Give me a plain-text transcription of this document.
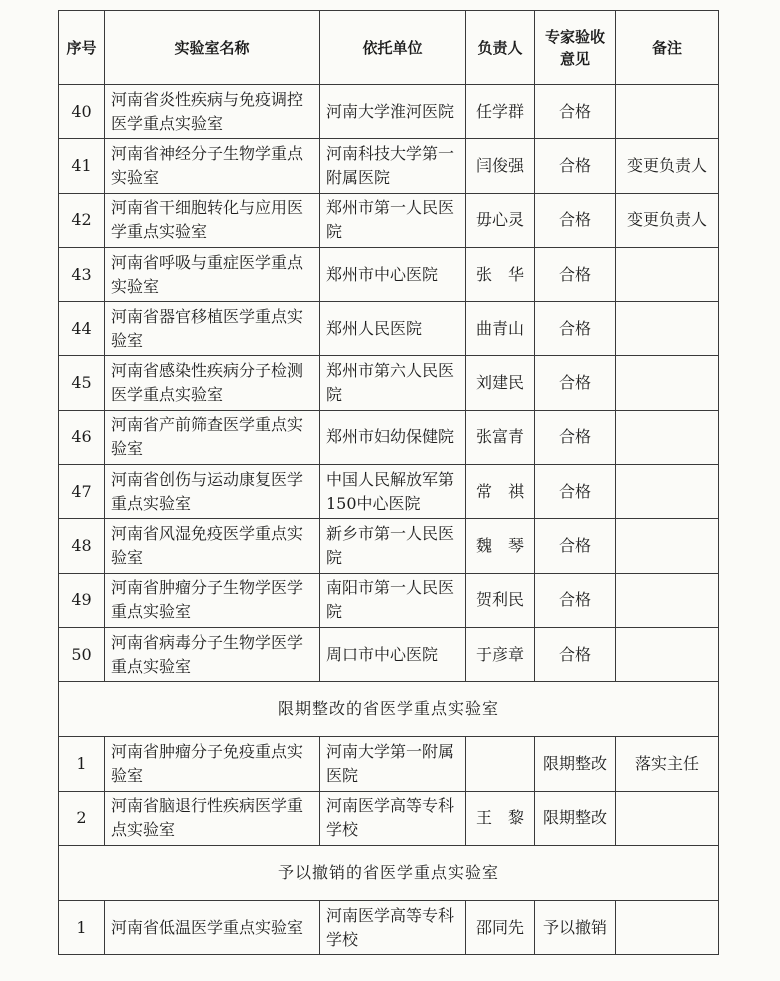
序号	实验室名称	依托单位	负责人	专家验收意见	备注
40	河南省炎性疾病与免疫调控医学重点实验室	河南大学淮河医院	任学群	合格	
41	河南省神经分子生物学重点实验室	河南科技大学第一附属医院	闫俊强	合格	变更负责人
42	河南省干细胞转化与应用医学重点实验室	郑州市第一人民医院	毋心灵	合格	变更负责人
43	河南省呼吸与重症医学重点实验室	郑州市中心医院	张　华	合格	
44	河南省器官移植医学重点实验室	郑州人民医院	曲青山	合格	
45	河南省感染性疾病分子检测医学重点实验室	郑州市第六人民医院	刘建民	合格	
46	河南省产前筛查医学重点实验室	郑州市妇幼保健院	张富青	合格	
47	河南省创伤与运动康复医学重点实验室	中国人民解放军第150中心医院	常　祺	合格	
48	河南省风湿免疫医学重点实验室	新乡市第一人民医院	魏　琴	合格	
49	河南省肿瘤分子生物学医学重点实验室	南阳市第一人民医院	贺利民	合格	
50	河南省病毒分子生物学医学重点实验室	周口市中心医院	于彦章	合格	
限期整改的省医学重点实验室					
1	河南省肿瘤分子免疫重点实验室	河南大学第一附属医院		限期整改	落实主任
2	河南省脑退行性疾病医学重点实验室	河南医学高等专科学校	王　黎	限期整改	
予以撤销的省医学重点实验室					
1	河南省低温医学重点实验室	河南医学高等专科学校	邵同先	予以撤销	
